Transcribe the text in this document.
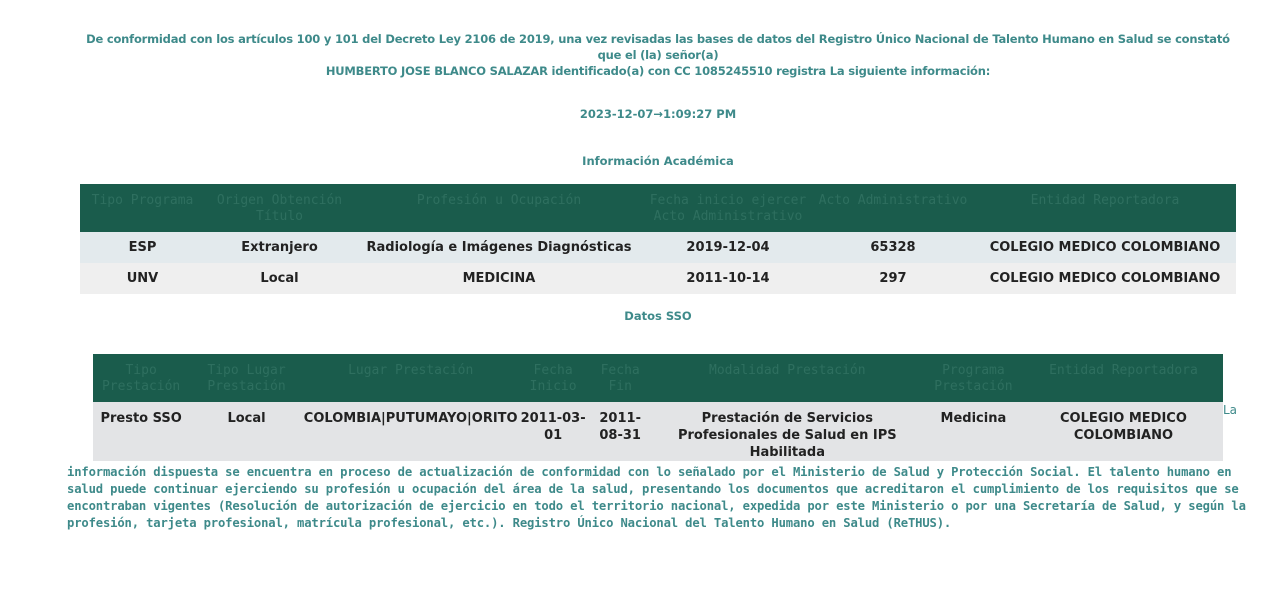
De conformidad con los artículos 100 y 101 del Decreto Ley 2106 de 2019, una vez revisadas las bases de datos del Registro Único Nacional de Talento Humano en Salud se constató que el (la) señor(a)
HUMBERTO JOSE BLANCO SALAZAR identificado(a) con CC 1085245510 registra La siguiente información:
2023-12-07→1:09:27 PM
Información Académica
Tipo Programa	Origen Obtención Título	Profesión u Ocupación	Fecha inicio ejercer Acto Administrativo	Acto Administrativo	Entidad Reportadora
ESP	Extranjero	Radiología e Imágenes Diagnósticas	2019-12-04	65328	COLEGIO MEDICO COLOMBIANO
UNV	Local	MEDICINA	2011-10-14	297	COLEGIO MEDICO COLOMBIANO
Datos SSO
Tipo Prestación	Tipo Lugar Prestación	Lugar Prestación	Fecha Inicio	Fecha Fin	Modalidad Prestación	Programa Prestación	Entidad Reportadora
Presto SSO	Local	COLOMBIA|PUTUMAYO|ORITO	2011-03-01	2011-08-31	Prestación de Servicios Profesionales de Salud en IPS Habilitada	Medicina	COLEGIO MEDICO COLOMBIANO
La
información dispuesta se encuentra en proceso de actualización de conformidad con lo señalado por el Ministerio de Salud y Protección Social. El talento humano en salud puede continuar ejerciendo su profesión u ocupación del área de la salud, presentando los documentos que acreditaron el cumplimiento de los requisitos que se encontraban vigentes (Resolución de autorización de ejercicio en todo el territorio nacional, expedida por este Ministerio o por una Secretaría de Salud, y según la profesión, tarjeta profesional, matrícula profesional, etc.). Registro Único Nacional del Talento Humano en Salud (ReTHUS).
